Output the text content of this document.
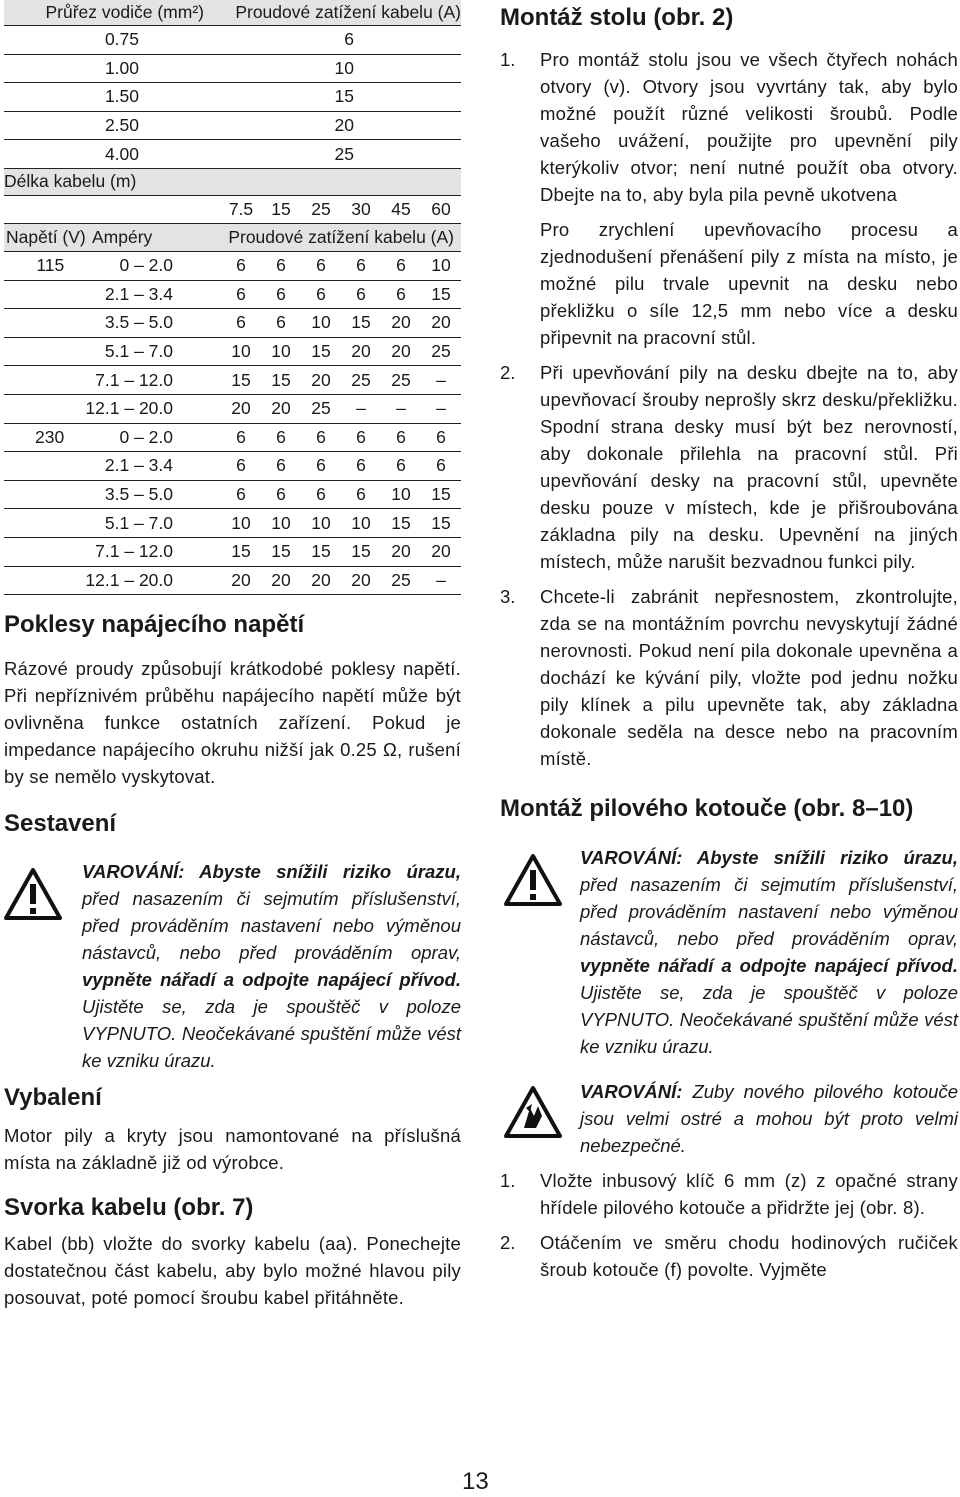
Průřez vodiče (mm²)	Proudové zatížení kabelu (A)
0.75	6
1.00	10
1.50	15
2.50	20
4.00	25
Délka kabelu (m)
7.5	15	25	30	45	60
Napětí (V) Ampéry	Proudové zatížení kabelu (A)
115	0 – 2.0	6	6	6	6	6	10
2.1 – 3.4	6	6	6	6	6	15
3.5 – 5.0	6	6	10	15	20	20
5.1 – 7.0	10	10	15	20	20	25
7.1 – 12.0	15	15	20	25	25	–
12.1 – 20.0	20	20	25	–	–	–
230	0 – 2.0	6	6	6	6	6	6
2.1 – 3.4	6	6	6	6	6	6
3.5 – 5.0	6	6	6	6	10	15
5.1 – 7.0	10	10	10	10	15	15
7.1 – 12.0	15	15	15	15	20	20
12.1 – 20.0	20	20	20	20	25	–
Poklesy napájecího napětí

Rázové proudy způsobují krátkodobé poklesy napětí. Při nepříznivém průběhu napájecího napětí může být ovlivněna funkce ostatních zařízení. Pokud je impedance napájecího okruhu nižší jak 0.25 Ω, rušení by se nemělo vyskytovat.

Sestavení
VAROVÁNÍ: Abyste snížili riziko úrazu, před nasazením či sejmutím příslušenství, před prováděním nastavení nebo výměnou nástavců, nebo před prováděním oprav, vypněte nářadí a odpojte napájecí přívod. Ujistěte se, zda je spouštěč v poloze VYPNUTO. Neočekávané spuštění může vést ke vzniku úrazu.
Vybalení

Motor pily a kryty jsou namontované na příslušná místa na základně již od výrobce.

Svorka kabelu (obr. 7)

Kabel (bb) vložte do svorky kabelu (aa). Ponechejte dostatečnou část kabelu, aby bylo možné hlavou pily posouvat, poté pomocí šroubu kabel přitáhněte.

Montáž stolu (obr. 2)
1.	Pro montáž stolu jsou ve všech čtyřech nohách otvory (v). Otvory jsou vyvrtány tak, aby bylo možné použít různé velikosti šroubů. Podle vašeho uvážení, použijte pro upevnění pily kterýkoliv otvor; není nutné použít oba otvory. Dbejte na to, aby byla pila pevně ukotvena

Pro zrychlení upevňovacího procesu a zjednodušení přenášení pily z místa na místo, je možné pilu trvale upevnit na desku nebo překližku o síle 12,5 mm nebo více a desku připevnit na pracovní stůl.

2.	Při upevňování pily na desku dbejte na to, aby upevňovací šrouby neprošly skrz desku/překližku. Spodní strana desky musí být bez nerovností, aby dokonale přilehla na pracovní stůl. Při upevňování desky na pracovní stůl, upevněte desku pouze v místech, kde je přišroubována základna pily na desku. Upevnění na jiných místech, může narušit bezvadnou funkci pily.

3.	Chcete-li zabránit nepřesnostem, zkontrolujte, zda se na montážním povrchu nevyskytují žádné nerovnosti. Pokud není pila dokonale upevněna a dochází ke kývání pily, vložte pod jednu nožku pily klínek a pilu upevněte tak, aby základna dokonale seděla na desce nebo na pracovním místě.

Montáž pilového kotouče (obr. 8–10)
VAROVÁNÍ: Abyste snížili riziko úrazu, před nasazením či sejmutím příslušenství, před prováděním nastavení nebo výměnou nástavců, nebo před prováděním oprav, vypněte nářadí a odpojte napájecí přívod. Ujistěte se, zda je spouštěč v poloze VYPNUTO. Neočekávané spuštění může vést ke vzniku úrazu.
VAROVÁNÍ: Zuby nového pilového kotouče jsou velmi ostré a mohou být proto velmi nebezpečné.
1.	Vložte inbusový klíč 6 mm (z) z opačné strany hřídele pilového kotouče a přidržte jej (obr. 8).

2.	Otáčením ve směru chodu hodinových ručiček šroub kotouče (f) povolte. Vyjměte

13
